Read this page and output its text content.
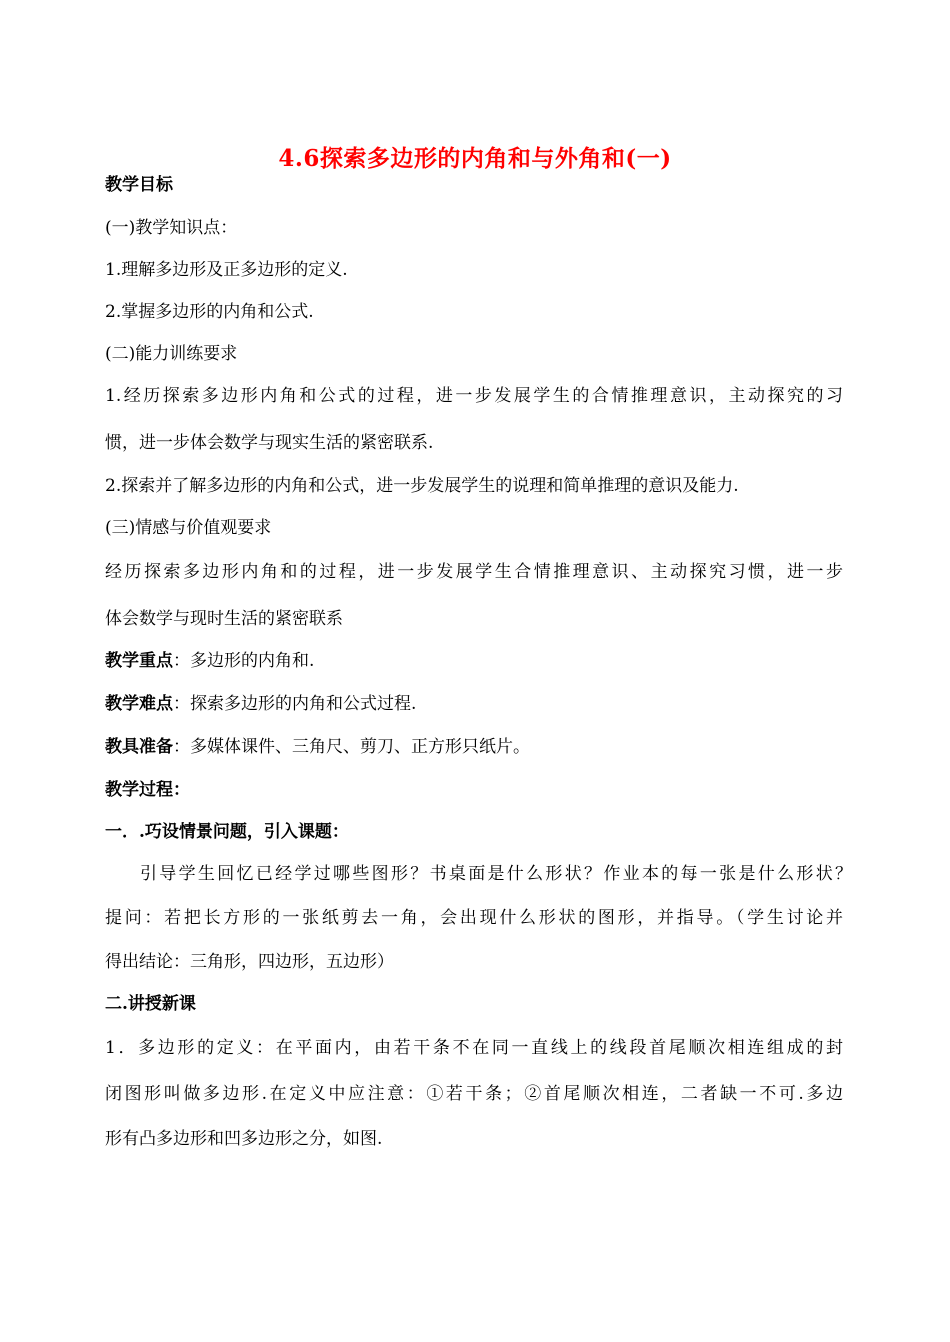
4.6探索多边形的内角和与外角和(一)
教学目标
(一)教学知识点：
1.理解多边形及正多边形的定义.
2.掌握多边形的内角和公式.
(二)能力训练要求
1.经历探索多边形内角和公式的过程，进一步发展学生的合情推理意识，主动探究的习
惯，进一步体会数学与现实生活的紧密联系.
2.探索并了解多边形的内角和公式，进一步发展学生的说理和简单推理的意识及能力.
(三)情感与价值观要求
经历探索多边形内角和的过程，进一步发展学生合情推理意识、主动探究习惯，进一步
体会数学与现时生活的紧密联系
教学重点：多边形的内角和.
教学难点：探索多边形的内角和公式过程.
教具准备：多媒体课件、三角尺、剪刀、正方形只纸片。
教学过程：
一．.巧设情景问题，引入课题：
引导学生回忆已经学过哪些图形？书桌面是什么形状？作业本的每一张是什么形状？
提问：若把长方形的一张纸剪去一角，会出现什么形状的图形，并指导。（学生讨论并
得出结论：三角形，四边形，五边形）
二.讲授新课
1．多边形的定义：在平面内，由若干条不在同一直线上的线段首尾顺次相连组成的封
闭图形叫做多边形.在定义中应注意：①若干条；②首尾顺次相连，二者缺一不可.多边
形有凸多边形和凹多边形之分，如图.
